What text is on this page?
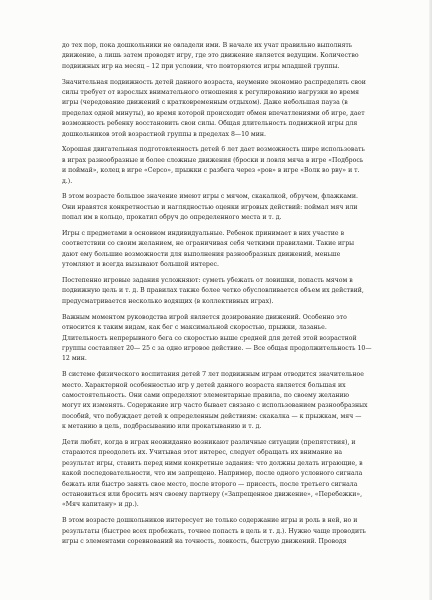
до тех пор, пока дошкольники не овладели ими. В начале их учат правильно выполнять
движение, а лишь затем проводят игру, где это движение является ведущим. Количество
подвижных игр на месяц – 12 при условии, что повторяются игры младшей группы.
Значительная подвижность детей данного возраста, неумение экономно распределять свои
силы требует от взрослых внимательного отношения к регулированию нагрузки во время
игры (чередование движений с кратковременным отдыхом). Даже небольшая пауза (в
пределах одной минуты), во время которой происходит обмен впечатлениями об игре, дает
возможность ребенку восстановить свои силы. Общая длительность подвижной игры для
дошкольников этой возрастной группы в пределах 8—10 мин.
Хорошая двигательная подготовленность детей 6 лет дает возможность шире использовать
в играх разнообразные и более сложные движения (броски и ловля мяча в игре «Подбрось
и поймай», колец в игре «Серсо», прыжки с разбега через «ров» в игре «Волк во рву» и т.
д.).
В этом возрасте большое значение имеют игры с мячом, скакалкой, обручем, флажками.
Они нравятся конкретностью и наглядностью оценки игровых действий: поймал мяч или
попал им в кольцо, прокатил обруч до определенного места и т. д.
Игры с предметами в основном индивидуальные. Ребенок принимает в них участие в
соответствии со своим желанием, не ограничивая себя четкими правилами. Такие игры
дают ему большие возможности для выполнения разнообразных движений, меньше
утомляют и всегда вызывают большой интерес.
Постепенно игровые задания усложняют: суметь убежать от ловишки, попасть мячом в
подвижную цель и т. д. В правилах также более четко обусловливается объем их действий,
предусматривается несколько водящих (в коллективных играх).
Важным моментом руководства игрой является дозирование движений. Особенно это
относится к таким видам, как бег с максимальной скоростью, прыжки, лазанье.
Длительность непрерывного бега со скоростью выше средней для детей этой возрастной
группы составляет 20— 25 с за одно игровое действие. — Все общая продолжительность 10—
12 мин.
В системе физического воспитания детей 7 лет подвижным играм отводится значительное
место. Характерной особенностью игр у детей данного возраста является большая их
самостоятельность. Они сами определяют элементарные правила, по своему желанию
могут их изменять. Содержание игр часто бывает связано с использованием разнообразных
пособий, что побуждает детей к определенным действиям: скакалка — к прыжкам, мяч —
к метанию в цель, подбрасыванию или прокатыванию и т. д.
Дети любят, когда в играх неожиданно возникают различные ситуации (препятствия), и
стараются преодолеть их. Учитывая этот интерес, следует обращать их внимание на
результат игры, ставить перед ними конкретные задания: что должны делать играющие, в
какой последовательности, что им запрещено. Например, после одного условного сигнала
бежать или быстро занять свое место, после второго — присесть, после третьего сигнала
остановиться или бросить мяч своему партнеру («Запрещенное движение», «Перебежки»,
«Мяч капитану» и др.).
В этом возрасте дошкольников интересует не только содержание игры и роль в ней, но и
результаты (быстрее всех пробежать, точнее попасть в цель и т. д.). Нужно чаще проводить
игры с элементами соревнований на точность, ловкость, быструю движений. Проводя
